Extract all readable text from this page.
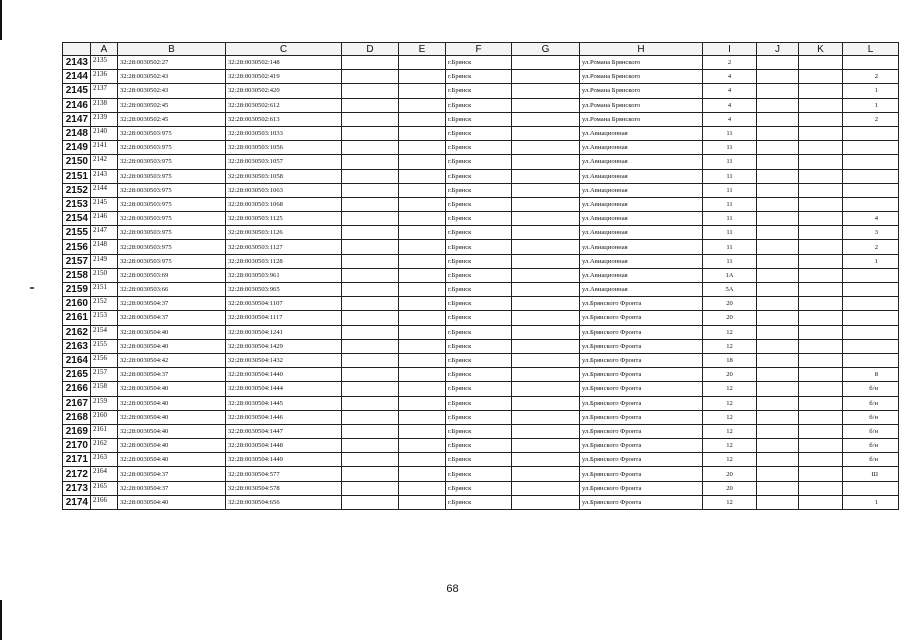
	A	B	C	D	E	F	G	H	I	J	K	L
2143	2135	32:28:0030502:27	32:28:0030502:148			г.Брянск		ул.Романа Брянского	2			
2144	2136	32:28:0030502:43	32:28:0030502:419			г.Брянск		ул.Романа Брянского	4			2
2145	2137	32:28:0030502:43	32:28:0030502:420			г.Брянск		ул.Романа Брянского	4			1
2146	2138	32:28:0030502:45	32:28:0030502:612			г.Брянск		ул.Романа Брянского	4			1
2147	2139	32:28:0030502:45	32:28:0030502:613			г.Брянск		ул.Романа Брянского	4			2
2148	2140	32:28:0030503:975	32:28:0030503:1033			г.Брянск		ул.Авиационная	11			
2149	2141	32:28:0030503:975	32:28:0030503:1056			г.Брянск		ул.Авиационная	11			
2150	2142	32:28:0030503:975	32:28:0030503:1057			г.Брянск		ул.Авиационная	11			
2151	2143	32:28:0030503:975	32:28:0030503:1058			г.Брянск		ул.Авиационная	11			
2152	2144	32:28:0030503:975	32:28:0030503:1063			г.Брянск		ул.Авиационная	11			
2153	2145	32:28:0030503:975	32:28:0030503:1068			г.Брянск		ул.Авиационная	11			
2154	2146	32:28:0030503:975	32:28:0030503:1125			г.Брянск		ул.Авиационная	11			4
2155	2147	32:28:0030503:975	32:28:0030503:1126			г.Брянск		ул.Авиационная	11			3
2156	2148	32:28:0030503:975	32:28:0030503:1127			г.Брянск		ул.Авиационная	11			2
2157	2149	32:28:0030503:975	32:28:0030503:1128			г.Брянск		ул.Авиационная	11			1
2158	2150	32:28:0030503:69	32:28:0030503:961			г.Брянск		ул.Авиационная	1А			
2159	2151	32:28:0030503:66	32:28:0030503:965			г.Брянск		ул.Авиационная	5А			
2160	2152	32:28:0030504:37	32:28:0030504:1107			г.Брянск		ул.Брянского Фронта	20			
2161	2153	32:28:0030504:37	32:28:0030504:1117			г.Брянск		ул.Брянского Фронта	20			
2162	2154	32:28:0030504:40	32:28:0030504:1241			г.Брянск		ул.Брянского Фронта	12			
2163	2155	32:28:0030504:40	32:28:0030504:1429			г.Брянск		ул.Брянского Фронта	12			
2164	2156	32:28:0030504:42	32:28:0030504:1432			г.Брянск		ул.Брянского Фронта	18			
2165	2157	32:28:0030504:37	32:28:0030504:1440			г.Брянск		ул.Брянского Фронта	20			8
2166	2158	32:28:0030504:40	32:28:0030504:1444			г.Брянск		ул.Брянского Фронта	12			б/н
2167	2159	32:28:0030504:40	32:28:0030504:1445			г.Брянск		ул.Брянского Фронта	12			б/н
2168	2160	32:28:0030504:40	32:28:0030504:1446			г.Брянск		ул.Брянского Фронта	12			б/н
2169	2161	32:28:0030504:40	32:28:0030504:1447			г.Брянск		ул.Брянского Фронта	12			б/н
2170	2162	32:28:0030504:40	32:28:0030504:1448			г.Брянск		ул.Брянского Фронта	12			б/н
2171	2163	32:28:0030504:40	32:28:0030504:1449			г.Брянск		ул.Брянского Фронта	12			б/н
2172	2164	32:28:0030504:37	32:28:0030504:577			г.Брянск		ул.Брянского Фронта	20			Ш
2173	2165	32:28:0030504:37	32:28:0030504:578			г.Брянск		ул.Брянского Фронта	20			
2174	2166	32:28:0030504:40	32:28:0030504:656			г.Брянск		ул.Брянского Фронта	12			1
68
